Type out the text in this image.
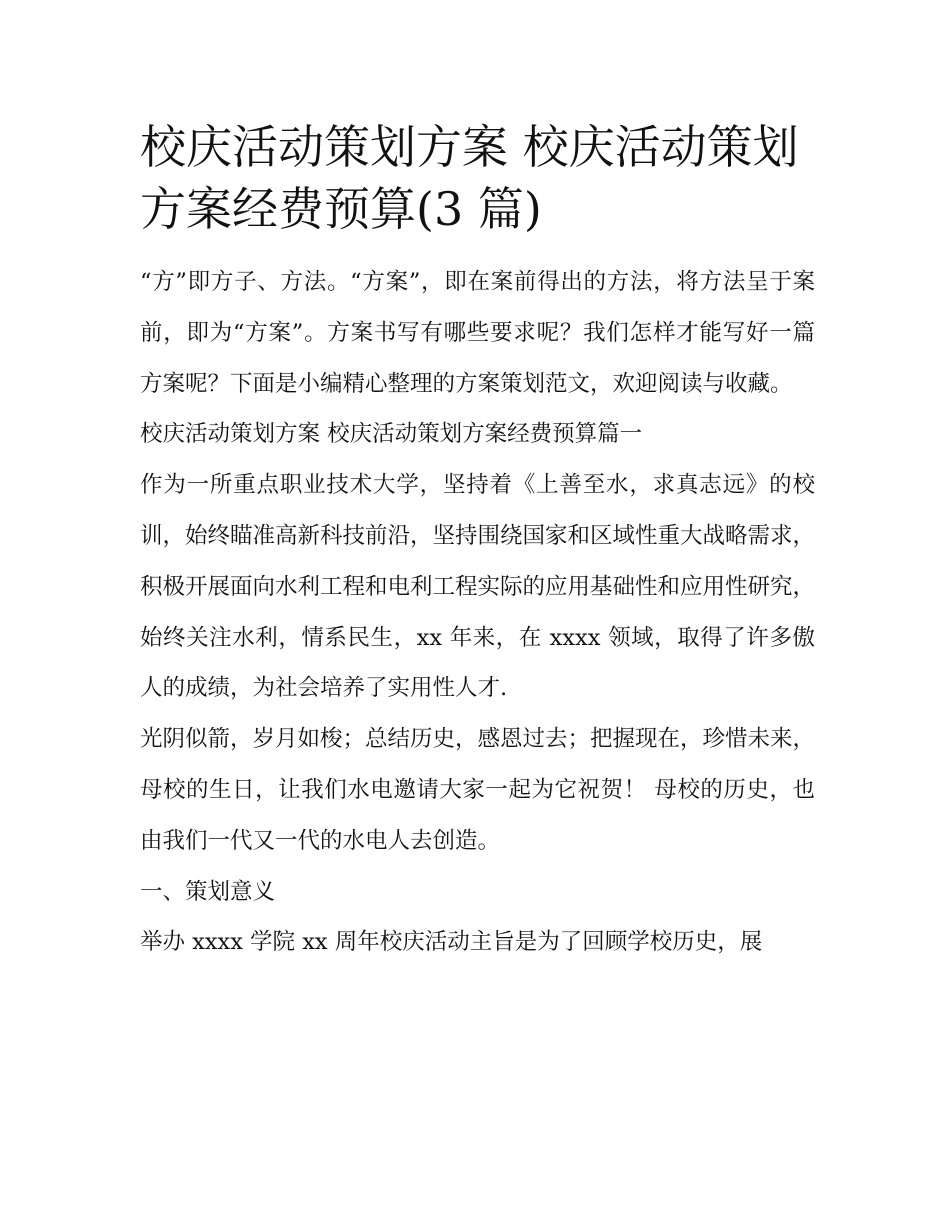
校庆活动策划方案 校庆活动策划方案经费预算(3 篇)

“方”即方子、方法。“方案”，即在案前得出的方法，将方法呈于案前，即为“方案”。方案书写有哪些要求呢？我们怎样才能写好一篇方案呢？下面是小编精心整理的方案策划范文，欢迎阅读与收藏。

校庆活动策划方案 校庆活动策划方案经费预算篇一

作为一所重点职业技术大学，坚持着《上善至水，求真志远》的校训，始终瞄准高新科技前沿，坚持围绕国家和区域性重大战略需求，积极开展面向水利工程和电利工程实际的应用基础性和应用性研究，始终关注水利，情系民生，xx 年来，在 xxxx 领域，取得了许多傲人的成绩，为社会培养了实用性人才.

光阴似箭，岁月如梭；总结历史，感恩过去；把握现在，珍惜未来，母校的生日，让我们水电邀请大家一起为它祝贺！ 母校的历史，也由我们一代又一代的水电人去创造。

一、策划意义

举办 xxxx 学院 xx 周年校庆活动主旨是为了回顾学校历史，展
